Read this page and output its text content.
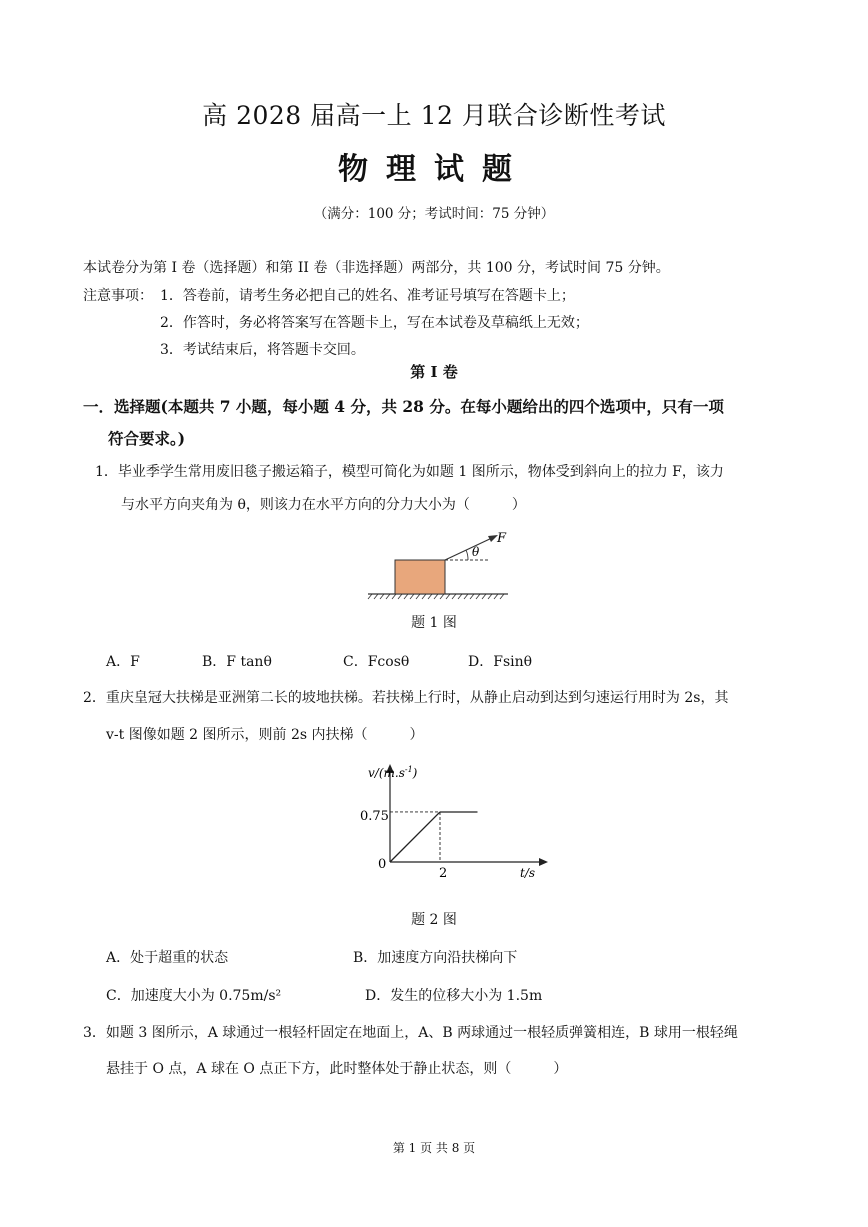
高 2028 届高一上 12 月联合诊断性考试
物理试题
（满分：100 分；考试时间：75 分钟）
本试卷分为第 I 卷（选择题）和第 II 卷（非选择题）两部分，共 100 分，考试时间 75 分钟。
注意事项： 1．答卷前，请考生务必把自己的姓名、准考证号填写在答题卡上；
2．作答时，务必将答案写在答题卡上，写在本试卷及草稿纸上无效；
3．考试结束后，将答题卡交回。
第 I 卷
一．选择题(本题共 7 小题，每小题 4 分，共 28 分。在每小题给出的四个选项中，只有一项
符合要求。)
1．毕业季学生常用废旧毯子搬运箱子，模型可简化为如题 1 图所示，物体受到斜向上的拉力 F，该力
与水平方向夹角为 θ，则该力在水平方向的分力大小为（　　　）
θ
F
题 1 图
A．F	B．F tanθ	C．Fcosθ	D．Fsinθ
2．重庆皇冠大扶梯是亚洲第二长的坡地扶梯。若扶梯上行时，从静止启动到达到匀速运行用时为 2s，其
v-t 图像如题 2 图所示，则前 2s 内扶梯（　　　）
$v/(m.s^{-1})$
0.75
0
2	t/s
题 2 图
A．处于超重的状态	B．加速度方向沿扶梯向下
C．加速度大小为 0.75m/s²	D．发生的位移大小为 1.5m
3．如题 3 图所示，A 球通过一根轻杆固定在地面上，A、B 两球通过一根轻质弹簧相连，B 球用一根轻绳
悬挂于 O 点，A 球在 O 点正下方，此时整体处于静止状态，则（　　　）
第 1 页 共 8 页
